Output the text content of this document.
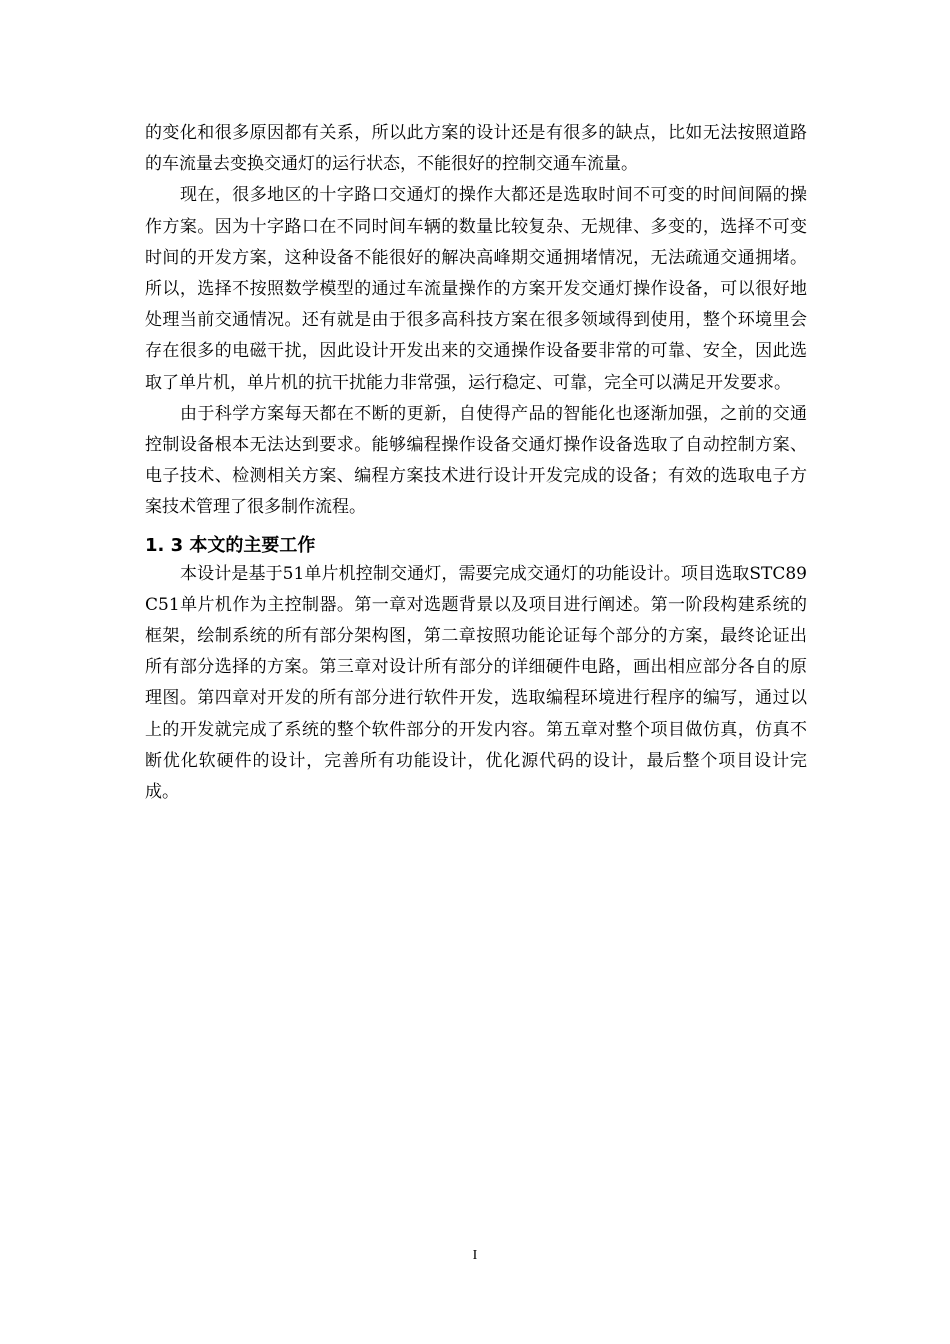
的变化和很多原因都有关系，所以此方案的设计还是有很多的缺点，比如无法按照道路的车流量去变换交通灯的运行状态，不能很好的控制交通车流量。

现在，很多地区的十字路口交通灯的操作大都还是选取时间不可变的时间间隔的操作方案。因为十字路口在不同时间车辆的数量比较复杂、无规律、多变的，选择不可变时间的开发方案，这种设备不能很好的解决高峰期交通拥堵情况，无法疏通交通拥堵。所以，选择不按照数学模型的通过车流量操作的方案开发交通灯操作设备，可以很好地处理当前交通情况。还有就是由于很多高科技方案在很多领域得到使用，整个环境里会存在很多的电磁干扰，因此设计开发出来的交通操作设备要非常的可靠、安全，因此选取了单片机，单片机的抗干扰能力非常强，运行稳定、可靠，完全可以满足开发要求。

由于科学方案每天都在不断的更新，自使得产品的智能化也逐渐加强，之前的交通控制设备根本无法达到要求。能够编程操作设备交通灯操作设备选取了自动控制方案、电子技术、检测相关方案、编程方案技术进行设计开发完成的设备；有效的选取电子方案技术管理了很多制作流程。

1. 3 本文的主要工作

本设计是基于51单片机控制交通灯，需要完成交通灯的功能设计。项目选取STC89C51单片机作为主控制器。第一章对选题背景以及项目进行阐述。第一阶段构建系统的框架，绘制系统的所有部分架构图，第二章按照功能论证每个部分的方案，最终论证出所有部分选择的方案。第三章对设计所有部分的详细硬件电路，画出相应部分各自的原理图。第四章对开发的所有部分进行软件开发，选取编程环境进行程序的编写，通过以上的开发就完成了系统的整个软件部分的开发内容。第五章对整个项目做仿真，仿真不断优化软硬件的设计，完善所有功能设计，优化源代码的设计，最后整个项目设计完成。

I
